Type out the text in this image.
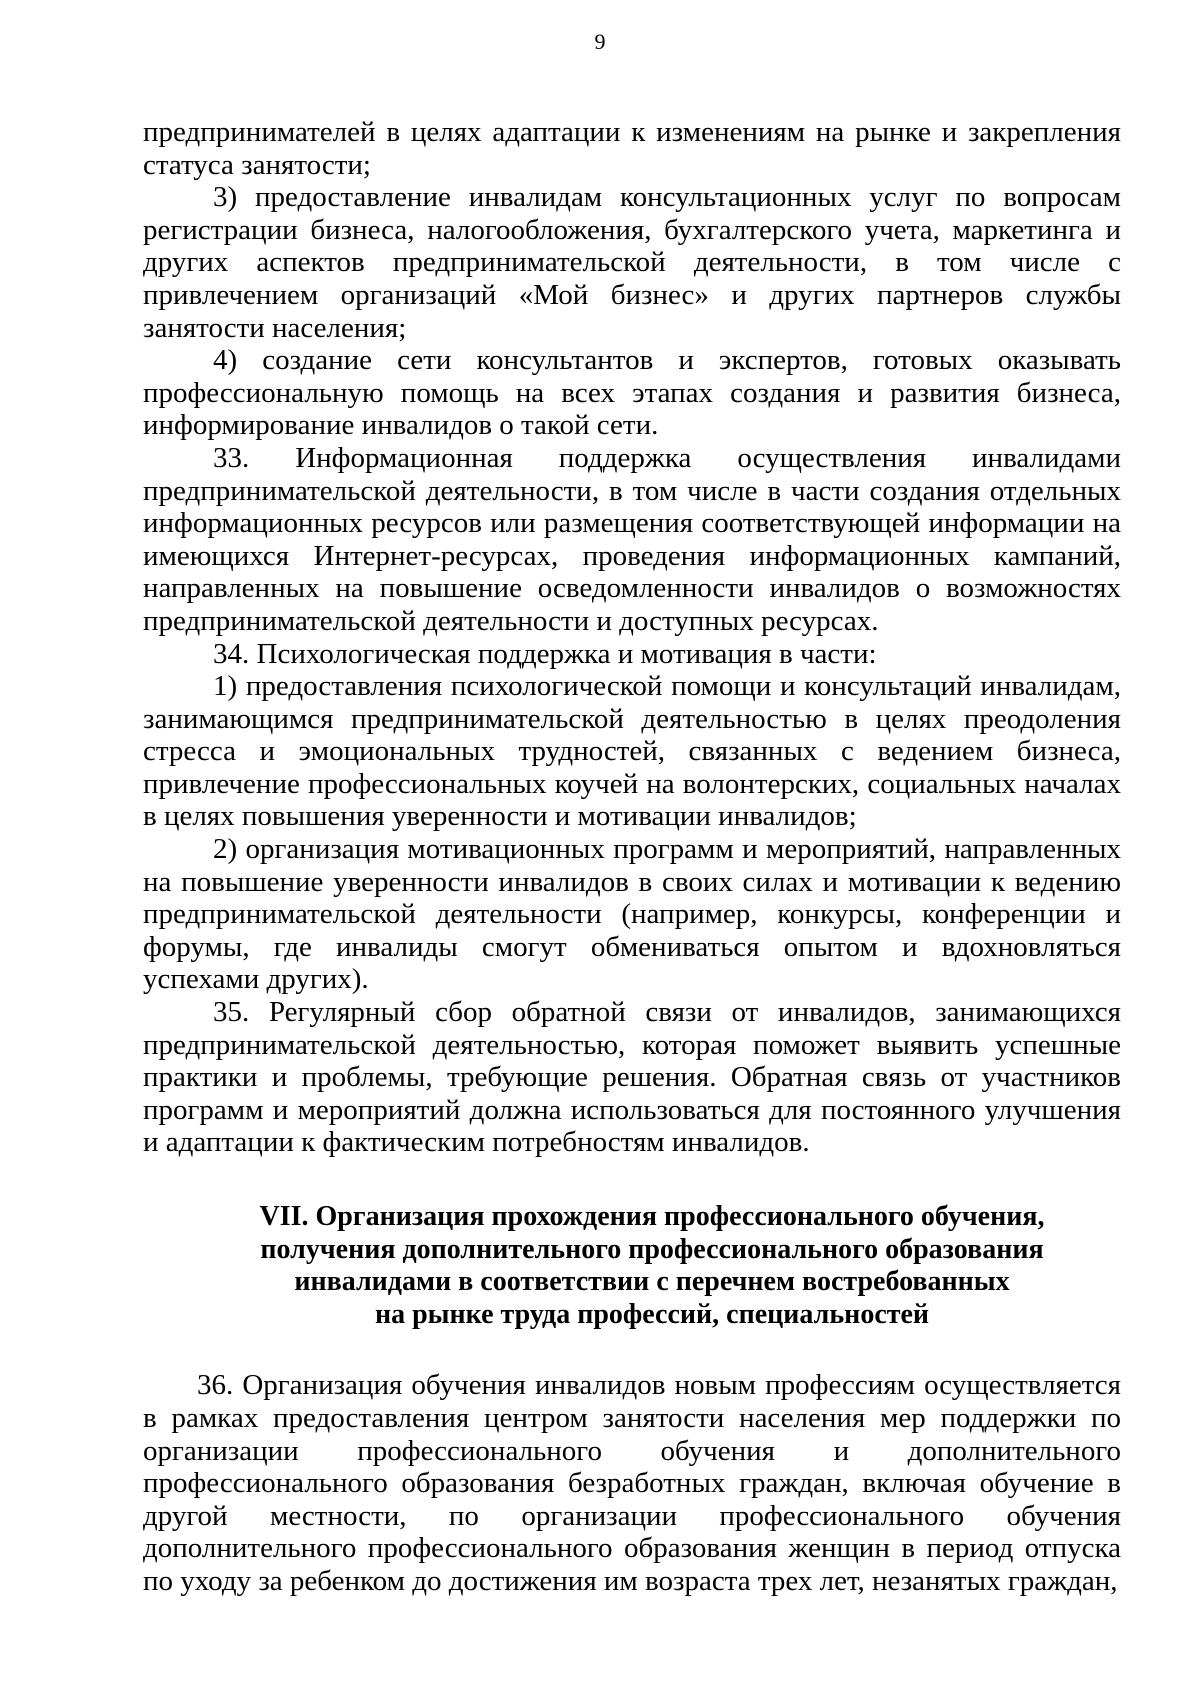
9

предпринимателей в целях адаптации к изменениям на рынке и закрепления статуса занятости;

3) предоставление инвалидам консультационных услуг по вопросам регистрации бизнеса, налогообложения, бухгалтерского учета, маркетинга и других аспектов предпринимательской деятельности, в том числе с привлечением организаций «Мой бизнес» и других партнеров службы занятости населения;

4) создание сети консультантов и экспертов, готовых оказывать профессиональную помощь на всех этапах создания и развития бизнеса, информирование инвалидов о такой сети.

33. Информационная поддержка осуществления инвалидами предпринимательской деятельности, в том числе в части создания отдельных информационных ресурсов или размещения соответствующей информации на имеющихся Интернет-ресурсах, проведения информационных кампаний, направленных на повышение осведомленности инвалидов о возможностях предпринимательской деятельности и доступных ресурсах.

34. Психологическая поддержка и мотивация в части:

1) предоставления психологической помощи и консультаций инвалидам, занимающимся предпринимательской деятельностью в целях преодоления стресса и эмоциональных трудностей, связанных с ведением бизнеса, привлечение профессиональных коучей на волонтерских, социальных началах в целях повышения уверенности и мотивации инвалидов;

2) организация мотивационных программ и мероприятий, направленных на повышение уверенности инвалидов в своих силах и мотивации к ведению предпринимательской деятельности (например, конкурсы, конференции и форумы, где инвалиды смогут обмениваться опытом и вдохновляться успехами других).

35. Регулярный сбор обратной связи от инвалидов, занимающихся предпринимательской деятельностью, которая поможет выявить успешные практики и проблемы, требующие решения. Обратная связь от участников программ и мероприятий должна использоваться для постоянного улучшения и адаптации к фактическим потребностям инвалидов.

VII. Организация прохождения профессионального обучения,
получения дополнительного профессионального образования
инвалидами в соответствии с перечнем востребованных
на рынке труда профессий, специальностей

36. Организация обучения инвалидов новым профессиям осуществляется в рамках предоставления центром занятости населения мер поддержки по организации профессионального обучения и дополнительного профессионального образования безработных граждан, включая обучение в другой местности, по организации профессионального обучения дополнительного профессионального образования женщин в период отпуска по уходу за ребенком до достижения им возраста трех лет, незанятых граждан,
